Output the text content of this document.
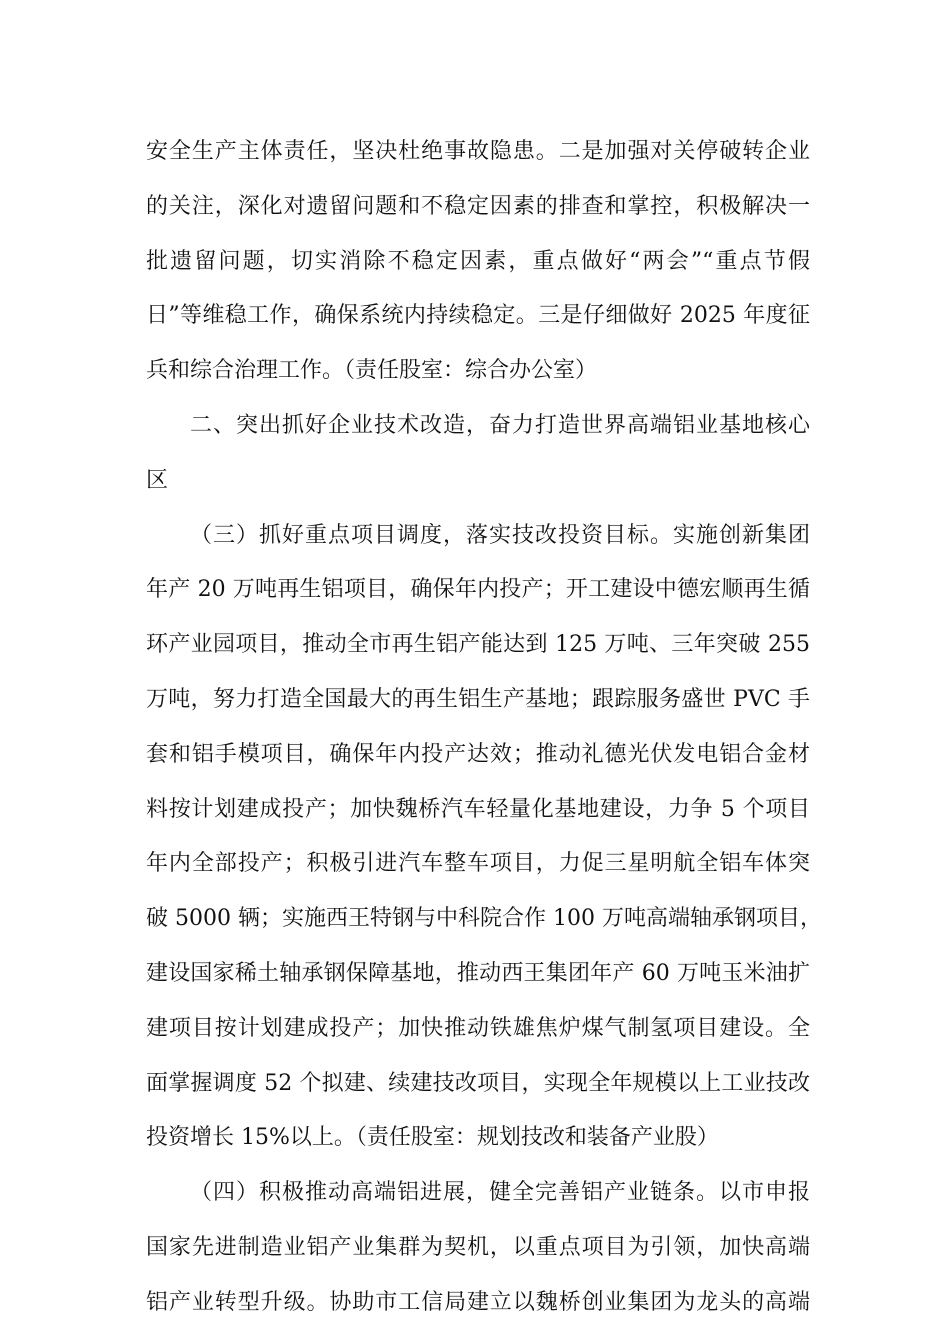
安全生产主体责任，坚决杜绝事故隐患。二是加强对关停破转企业
的关注，深化对遗留问题和不稳定因素的排查和掌控，积极解决一
批遗留问题，切实消除不稳定因素，重点做好“两会”“重点节假
日”等维稳工作，确保系统内持续稳定。三是仔细做好 2025 年度征
兵和综合治理工作。（责任股室：综合办公室）
二、突出抓好企业技术改造，奋力打造世界高端铝业基地核心
区
（三）抓好重点项目调度，落实技改投资目标。实施创新集团
年产 20 万吨再生铝项目，确保年内投产；开工建设中德宏顺再生循
环产业园项目，推动全市再生铝产能达到 125 万吨、三年突破 255
万吨，努力打造全国最大的再生铝生产基地；跟踪服务盛世 PVC 手
套和铝手模项目，确保年内投产达效；推动礼德光伏发电铝合金材
料按计划建成投产；加快魏桥汽车轻量化基地建设，力争 5 个项目
年内全部投产；积极引进汽车整车项目，力促三星明航全铝车体突
破 5000 辆；实施西王特钢与中科院合作 100 万吨高端轴承钢项目，
建设国家稀土轴承钢保障基地，推动西王集团年产 60 万吨玉米油扩
建项目按计划建成投产；加快推动铁雄焦炉煤气制氢项目建设。全
面掌握调度 52 个拟建、续建技改项目，实现全年规模以上工业技改
投资增长 15%以上。（责任股室：规划技改和装备产业股）
（四）积极推动高端铝进展，健全完善铝产业链条。以市申报
国家先进制造业铝产业集群为契机，以重点项目为引领，加快高端
铝产业转型升级。协助市工信局建立以魏桥创业集团为龙头的高端
